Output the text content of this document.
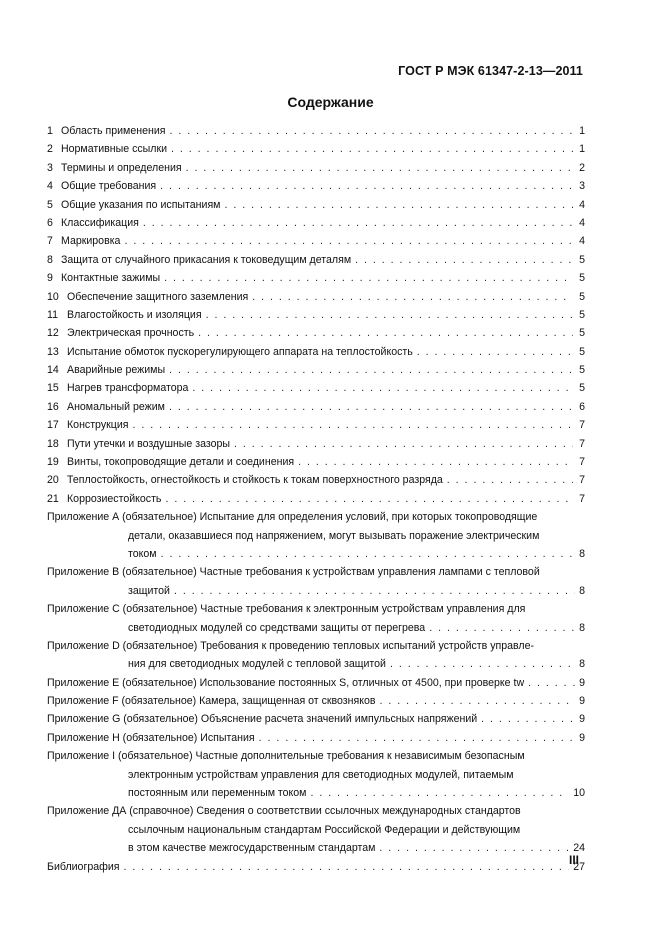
ГОСТ Р МЭК 61347-2-13—2011
Содержание
1 Область применения . . .	1
2 Нормативные ссылки . . .	1
3 Термины и определения . . .	2
4 Общие требования . . .	3
5 Общие указания по испытаниям . . .	4
6 Классификация . . .	4
7 Маркировка . . .	4
8 Защита от случайного прикасания к токоведущим деталям . . .	5
9 Контактные зажимы . . .	5
10 Обеспечение защитного заземления . . .	5
11 Влагостойкость и изоляция . . .	5
12 Электрическая прочность . . .	5
13 Испытание обмоток пускорегулирующего аппарата на теплостойкость . . .	5
14 Аварийные режимы . . .	5
15 Нагрев трансформатора . . .	5
16 Аномальный режим . . .	6
17 Конструкция . . .	7
18 Пути утечки и воздушные зазоры . . .	7
19 Винты, токопроводящие детали и соединения . . .	7
20 Теплостойкость, огнестойкость и стойкость к токам поверхностного разряда . . .	7
21 Коррозиестойкость . . .	7
Приложение А (обязательное) Испытание для определения условий, при которых токопроводящие
детали, оказавшиеся под напряжением, могут вызывать поражение электрическим
током . . .	8
Приложение В (обязательное) Частные требования к устройствам управления лампами с тепловой
защитой . . .	8
Приложение С (обязательное) Частные требования к электронным устройствам управления для
светодиодных модулей со средствами защиты от перегрева . . .	8
Приложение D (обязательное) Требования к проведению тепловых испытаний устройств управле-
ния для светодиодных модулей с тепловой защитой . . .	8
Приложение Е (обязательное) Использование постоянных S, отличных от 4500, при проверке tw . . .	9
Приложение F (обязательное) Камера, защищенная от сквозняков . . .	9
Приложение G (обязательное) Объяснение расчета значений импульсных напряжений . . .	9
Приложение Н (обязательное) Испытания . . .	9
Приложение I (обязательное) Частные дополнительные требования к независимым безопасным
электронным устройствам управления для светодиодных модулей, питаемым
постоянным или переменным током . . .	10
Приложение ДА (справочное) Сведения о соответствии ссылочных международных стандартов
ссылочным национальным стандартам Российской Федерации и действующим
в этом качестве межгосударственным стандартам . . .	24
Библиография . . .	27
III
